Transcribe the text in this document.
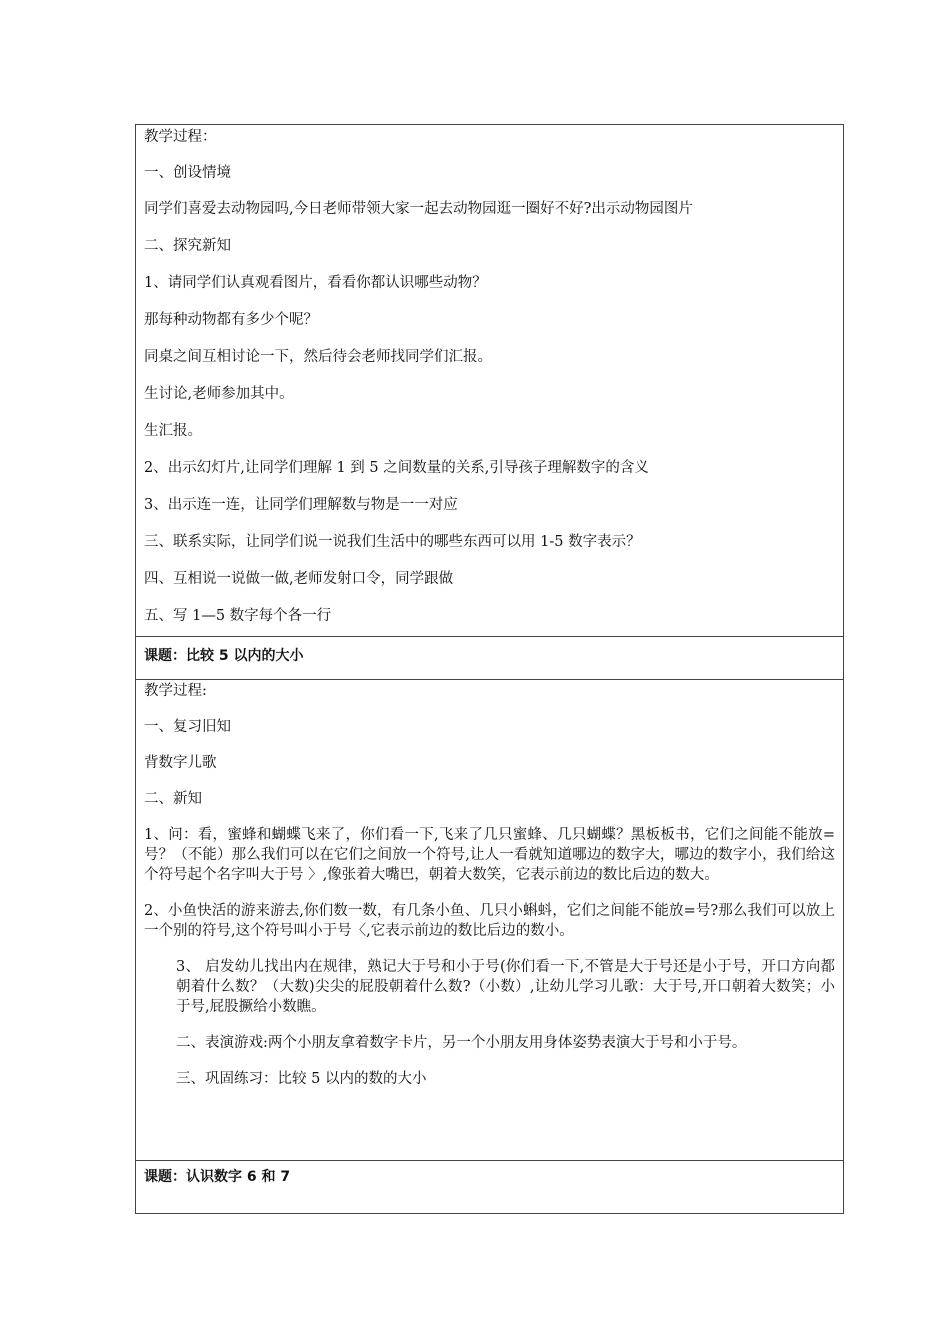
教学过程：

一、创设情境

同学们喜爱去动物园吗,今日老师带领大家一起去动物园逛一圈好不好?出示动物园图片

二、探究新知

1、请同学们认真观看图片，看看你都认识哪些动物？

那每种动物都有多少个呢？

同桌之间互相讨论一下，然后待会老师找同学们汇报。

生讨论,老师参加其中。

生汇报。

2、出示幻灯片,让同学们理解 1 到 5 之间数量的关系,引导孩子理解数字的含义

3、出示连一连，让同学们理解数与物是一一对应

三、联系实际，让同学们说一说我们生活中的哪些东西可以用 1-5 数字表示？

四、互相说一说做一做,老师发射口令，同学跟做

五、写 1—5 数字每个各一行

课题：比较 5 以内的大小

教学过程:

一、复习旧知

背数字儿歌

二、新知

1、问：看，蜜蜂和蝴蝶飞来了，你们看一下,飞来了几只蜜蜂、几只蝴蝶？黑板板书，它们之间能不能放=号？（不能）那么我们可以在它们之间放一个符号,让人一看就知道哪边的数字大，哪边的数字小，我们给这个符号起个名字叫大于号 〉,像张着大嘴巴，朝着大数笑，它表示前边的数比后边的数大。

2、小鱼快活的游来游去,你们数一数，有几条小鱼、几只小蝌蚪，它们之间能不能放=号?那么我们可以放上一个别的符号,这个符号叫小于号〈,它表示前边的数比后边的数小。

3、 启发幼儿找出内在规律，熟记大于号和小于号(你们看一下,不管是大于号还是小于号，开口方向都朝着什么数？（大数)尖尖的屁股朝着什么数?（小数）,让幼儿学习儿歌：大于号,开口朝着大数笑；小于号,屁股撅给小数瞧。

二、表演游戏:两个小朋友拿着数字卡片，另一个小朋友用身体姿势表演大于号和小于号。

三、巩固练习：比较 5 以内的数的大小

课题：认识数字 6 和 7
